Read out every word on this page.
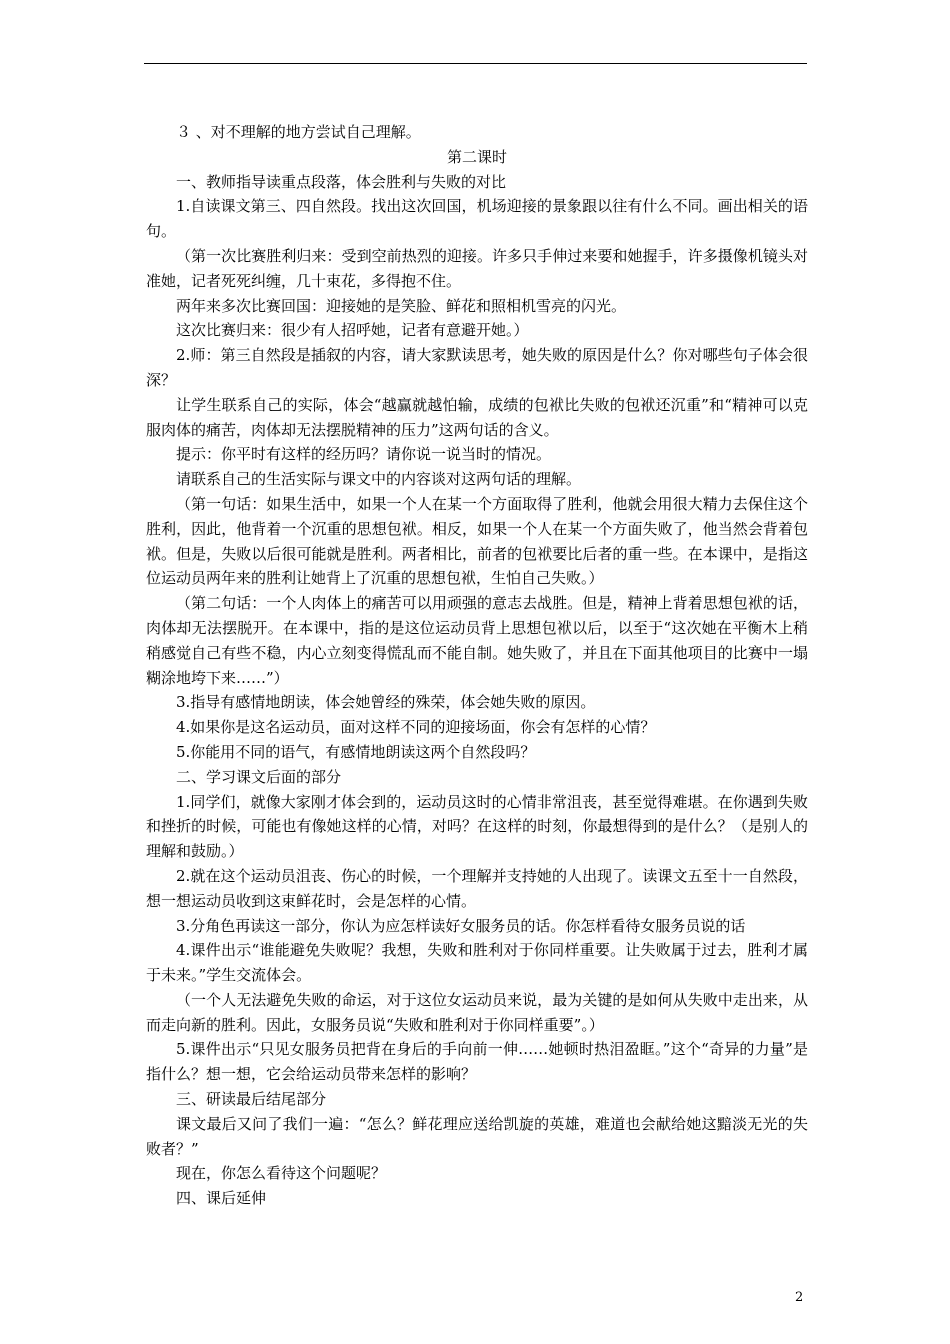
３ 、对不理解的地方尝试自己理解。

第二课时

一、教师指导读重点段落，体会胜利与失败的对比

1.自读课文第三、四自然段。找出这次回国，机场迎接的景象跟以往有什么不同。画出相关的语句。

（第一次比赛胜利归来：受到空前热烈的迎接。许多只手伸过来要和她握手，许多摄像机镜头对准她，记者死死纠缠，几十束花，多得抱不住。

两年来多次比赛回国：迎接她的是笑脸、鲜花和照相机雪亮的闪光。

这次比赛归来：很少有人招呼她，记者有意避开她。）

2.师：第三自然段是插叙的内容，请大家默读思考，她失败的原因是什么？你对哪些句子体会很深？

让学生联系自己的实际，体会“越赢就越怕输，成绩的包袱比失败的包袱还沉重”和“精神可以克服肉体的痛苦，肉体却无法摆脱精神的压力”这两句话的含义。

提示：你平时有这样的经历吗？请你说一说当时的情况。

请联系自己的生活实际与课文中的内容谈对这两句话的理解。

（第一句话：如果生活中，如果一个人在某一个方面取得了胜利，他就会用很大精力去保住这个胜利，因此，他背着一个沉重的思想包袱。相反，如果一个人在某一个方面失败了，他当然会背着包袱。但是，失败以后很可能就是胜利。两者相比，前者的包袱要比后者的重一些。在本课中，是指这位运动员两年来的胜利让她背上了沉重的思想包袱，生怕自己失败。）

（第二句话：一个人肉体上的痛苦可以用顽强的意志去战胜。但是，精神上背着思想包袱的话，肉体却无法摆脱开。在本课中，指的是这位运动员背上思想包袱以后，以至于“这次她在平衡木上稍稍感觉自己有些不稳，内心立刻变得慌乱而不能自制。她失败了，并且在下面其他项目的比赛中一塌糊涂地垮下来……”）

3.指导有感情地朗读，体会她曾经的殊荣，体会她失败的原因。

4.如果你是这名运动员，面对这样不同的迎接场面，你会有怎样的心情？

5.你能用不同的语气，有感情地朗读这两个自然段吗？

二、学习课文后面的部分

1.同学们，就像大家刚才体会到的，运动员这时的心情非常沮丧，甚至觉得难堪。在你遇到失败和挫折的时候，可能也有像她这样的心情，对吗？在这样的时刻，你最想得到的是什么？（是别人的理解和鼓励。）

2.就在这个运动员沮丧、伤心的时候，一个理解并支持她的人出现了。读课文五至十一自然段，想一想运动员收到这束鲜花时，会是怎样的心情。

3.分角色再读这一部分，你认为应怎样读好女服务员的话。你怎样看待女服务员说的话

4.课件出示“谁能避免失败呢？我想，失败和胜利对于你同样重要。让失败属于过去，胜利才属于未来。”学生交流体会。

（一个人无法避免失败的命运，对于这位女运动员来说，最为关键的是如何从失败中走出来，从而走向新的胜利。因此，女服务员说“失败和胜利对于你同样重要”。）

5.课件出示“只见女服务员把背在身后的手向前一伸……她顿时热泪盈眶。”这个“奇异的力量”是指什么？想一想，它会给运动员带来怎样的影响？

三、研读最后结尾部分

课文最后又问了我们一遍：“怎么？鲜花理应送给凯旋的英雄，难道也会献给她这黯淡无光的失败者？”

现在，你怎么看待这个问题呢？

四、课后延伸

2
